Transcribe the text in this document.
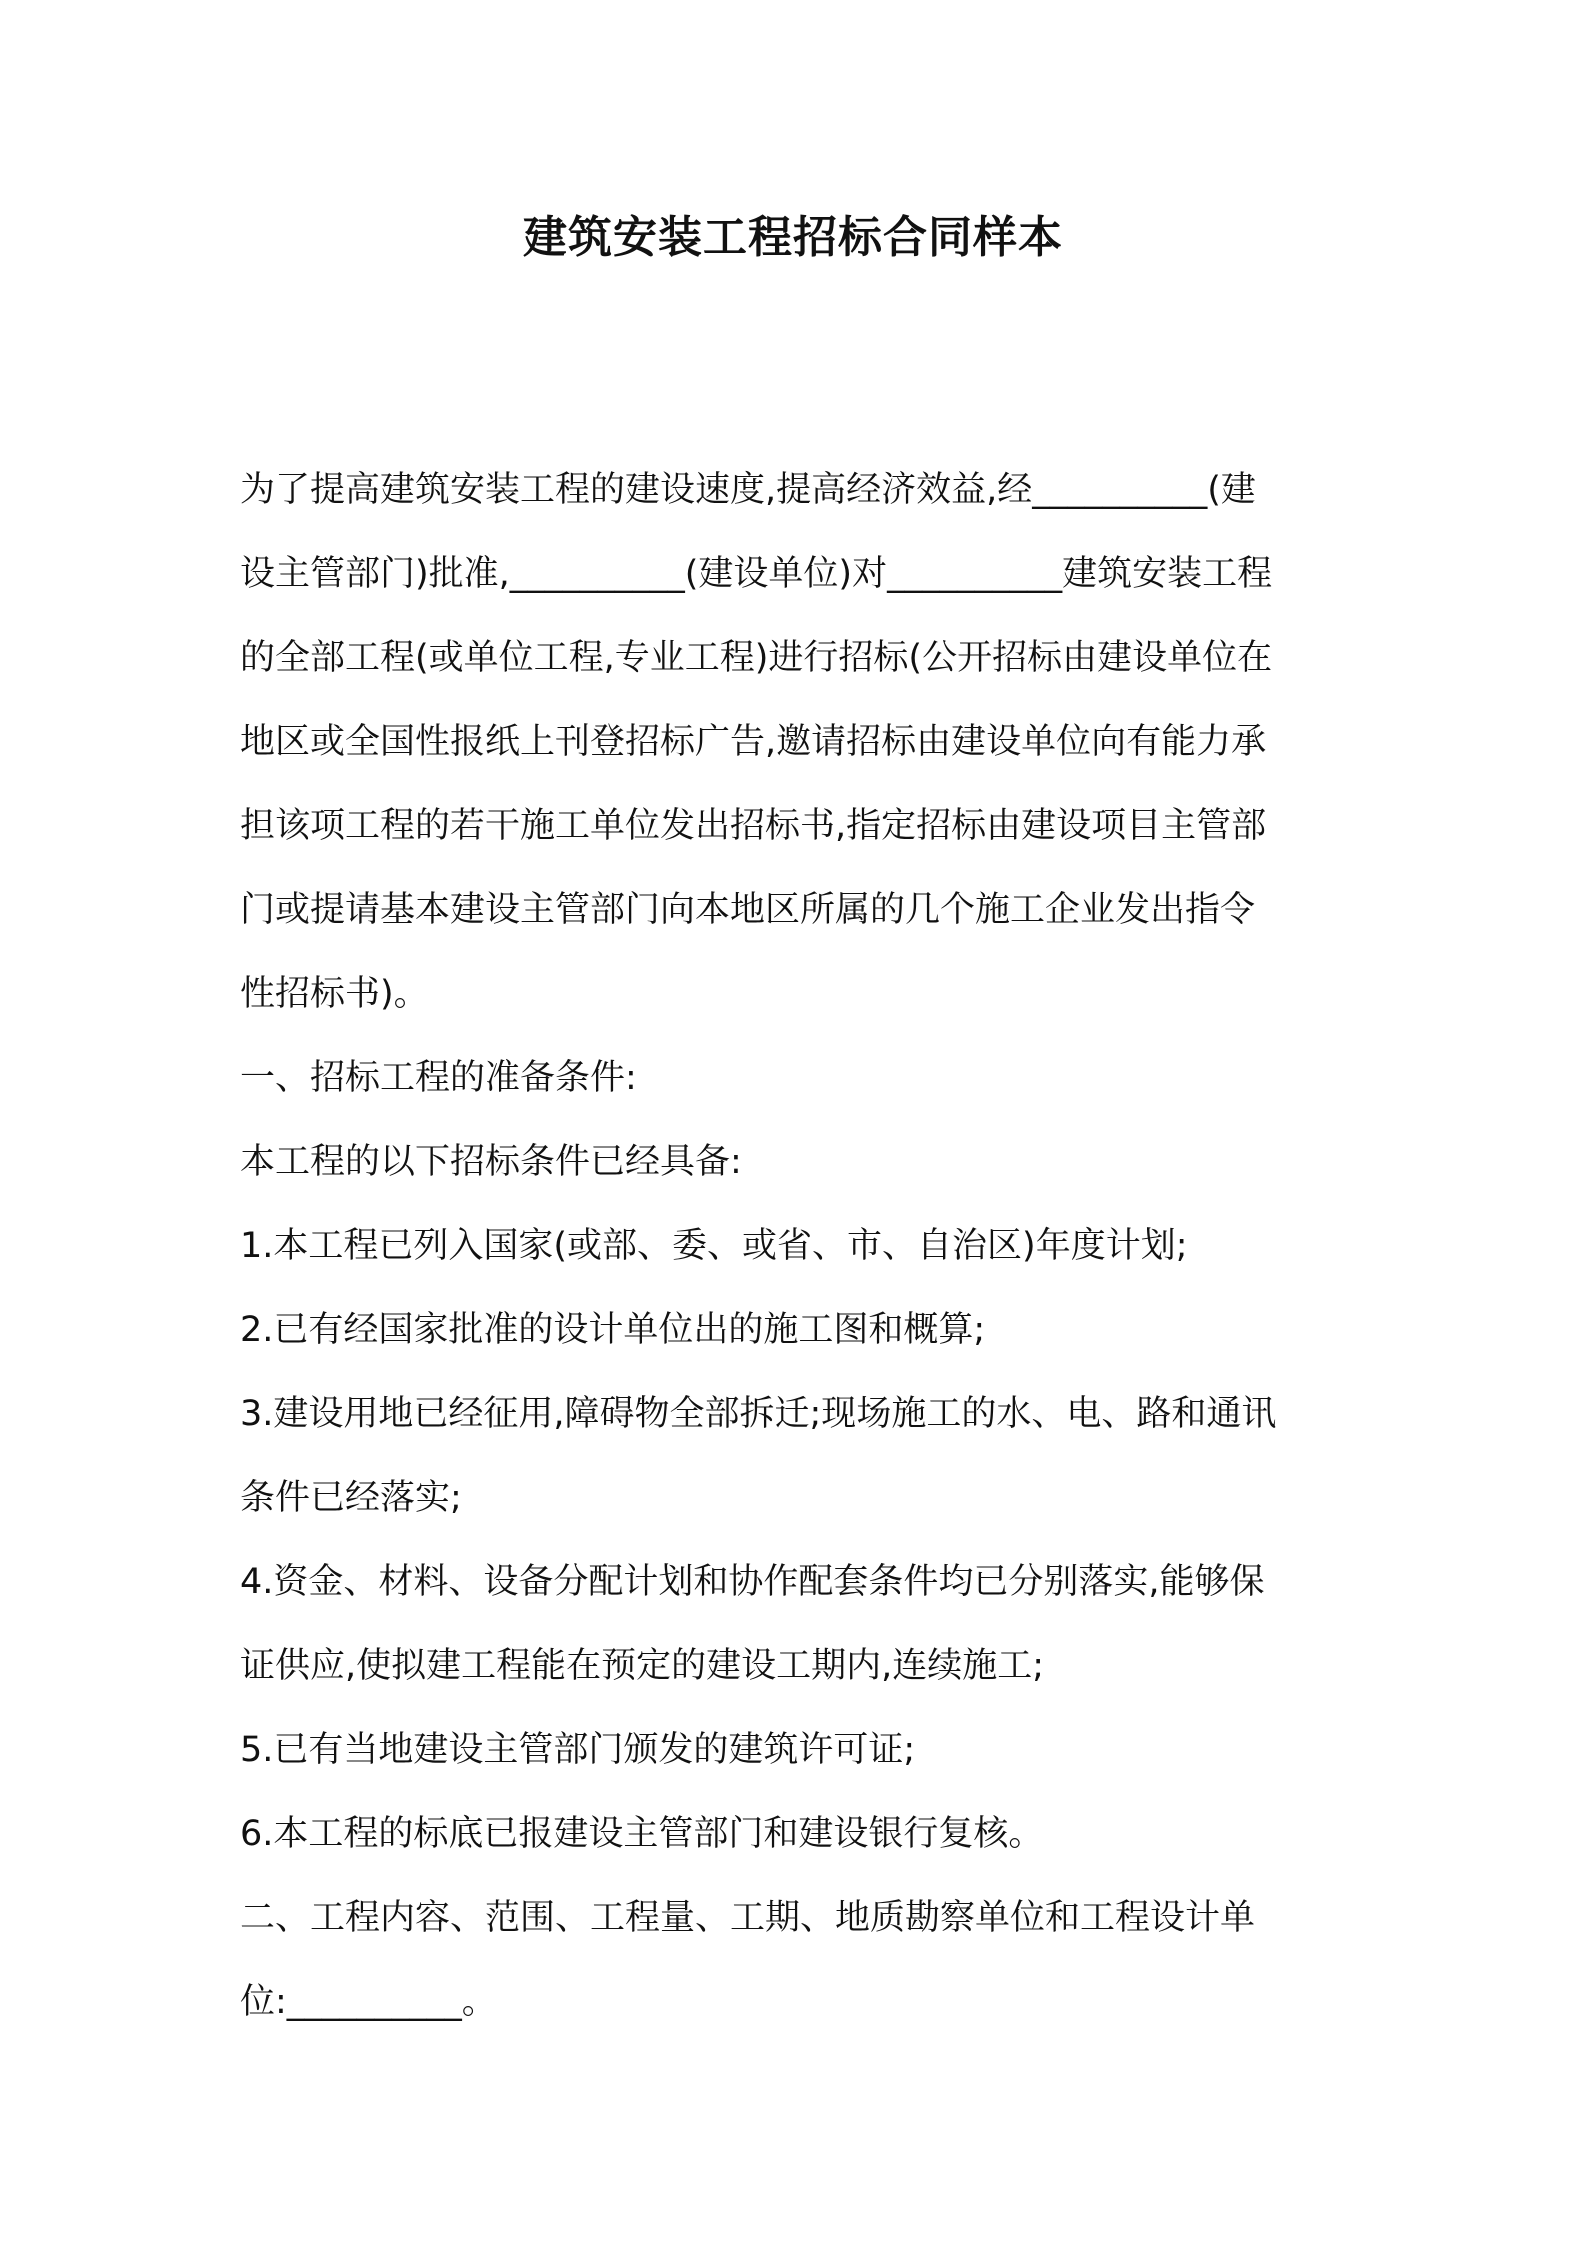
建筑安装工程招标合同样本

为了提高建筑安装工程的建设速度,提高经济效益,经__________(建
设主管部门)批准,__________(建设单位)对__________建筑安装工程
的全部工程(或单位工程,专业工程)进行招标(公开招标由建设单位在
地区或全国性报纸上刊登招标广告,邀请招标由建设单位向有能力承
担该项工程的若干施工单位发出招标书,指定招标由建设项目主管部
门或提请基本建设主管部门向本地区所属的几个施工企业发出指令
性招标书)。

一、招标工程的准备条件:

本工程的以下招标条件已经具备:

1.本工程已列入国家(或部、委、或省、市、自治区)年度计划;

2.已有经国家批准的设计单位出的施工图和概算;

3.建设用地已经征用,障碍物全部拆迁;现场施工的水、电、路和通讯
条件已经落实;

4.资金、材料、设备分配计划和协作配套条件均已分别落实,能够保
证供应,使拟建工程能在预定的建设工期内,连续施工;

5.已有当地建设主管部门颁发的建筑许可证;

6.本工程的标底已报建设主管部门和建设银行复核。

二、工程内容、范围、工程量、工期、地质勘察单位和工程设计单
位:__________。
